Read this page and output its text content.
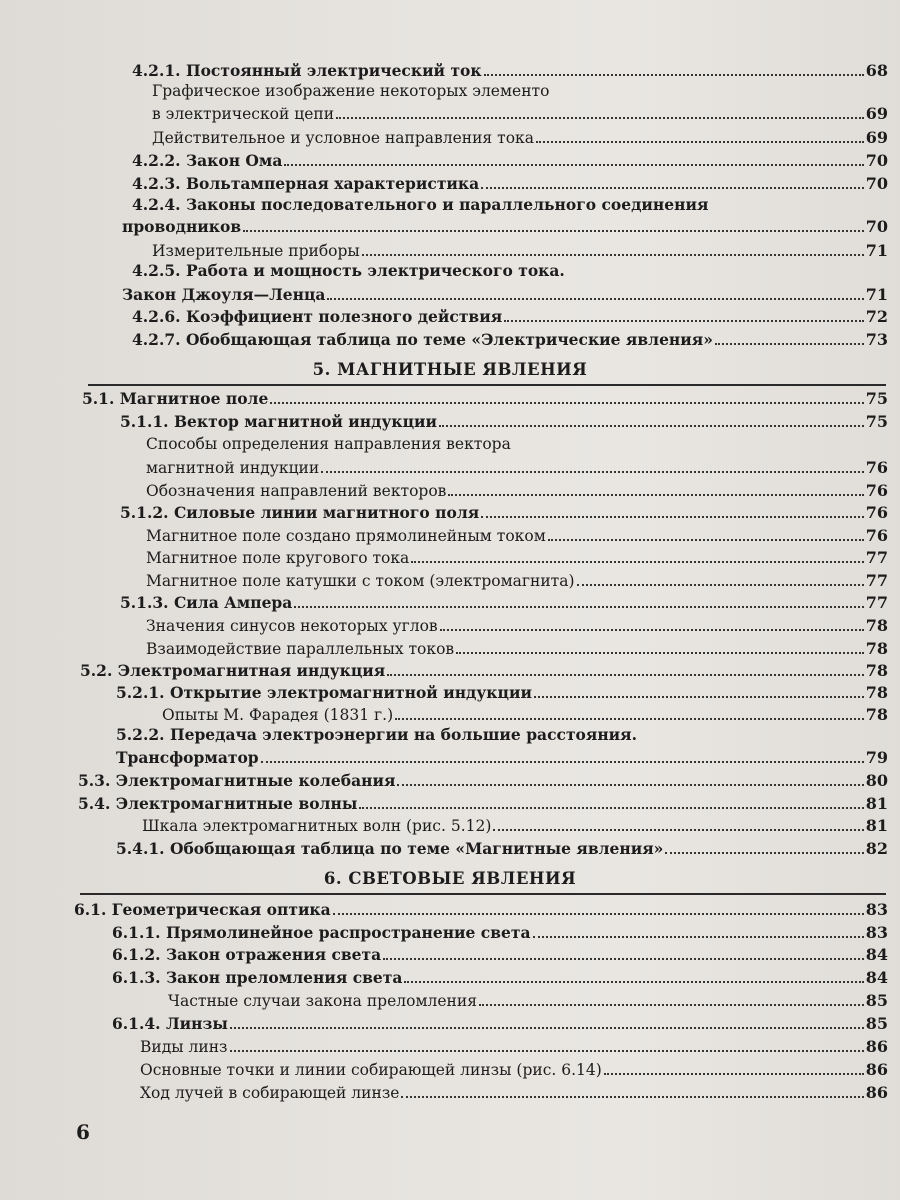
4.2.1. Постоянный электрический ток	68
Графическое изображение некоторых элементо
в электрической цепи	69
Действительное и условное направления тока	69
4.2.2. Закон Ома	70
4.2.3. Вольтамперная характеристика	70
4.2.4. Законы последовательного и параллельного соединения
проводников	70
Измерительные приборы	71
4.2.5. Работа и мощность электрического тока.
Закон Джоуля—Ленца	71
4.2.6. Коэффициент полезного действия	72
4.2.7. Обобщающая таблица по теме «Электрические явления»	73
5. МАГНИТНЫЕ ЯВЛЕНИЯ
5.1. Магнитное поле	75
5.1.1. Вектор магнитной индукции	75
Способы определения направления вектора
магнитной индукции	76
Обозначения направлений векторов	76
5.1.2. Силовые линии магнитного поля	76
Магнитное поле создано прямолинейным током	76
Магнитное поле кругового тока	77
Магнитное поле катушки с током (электромагнита)	77
5.1.3. Сила Ампера	77
Значения синусов некоторых углов	78
Взаимодействие параллельных токов	78
5.2. Электромагнитная индукция	78
5.2.1. Открытие электромагнитной индукции	78
Опыты М. Фарадея (1831 г.)	78
5.2.2. Передача электроэнергии на большие расстояния.
Трансформатор	79
5.3. Электромагнитные колебания	80
5.4. Электромагнитные волны	81
Шкала электромагнитных волн (рис. 5.12)	81
5.4.1. Обобщающая таблица по теме «Магнитные явления»	82
6. СВЕТОВЫЕ ЯВЛЕНИЯ
6.1. Геометрическая оптика	83
6.1.1. Прямолинейное распространение света	83
6.1.2. Закон отражения света	84
6.1.3. Закон преломления света	84
Частные случаи закона преломления	85
6.1.4. Линзы	85
Виды линз	86
Основные точки и линии собирающей линзы (рис. 6.14)	86
Ход лучей в собирающей линзе	86
6
